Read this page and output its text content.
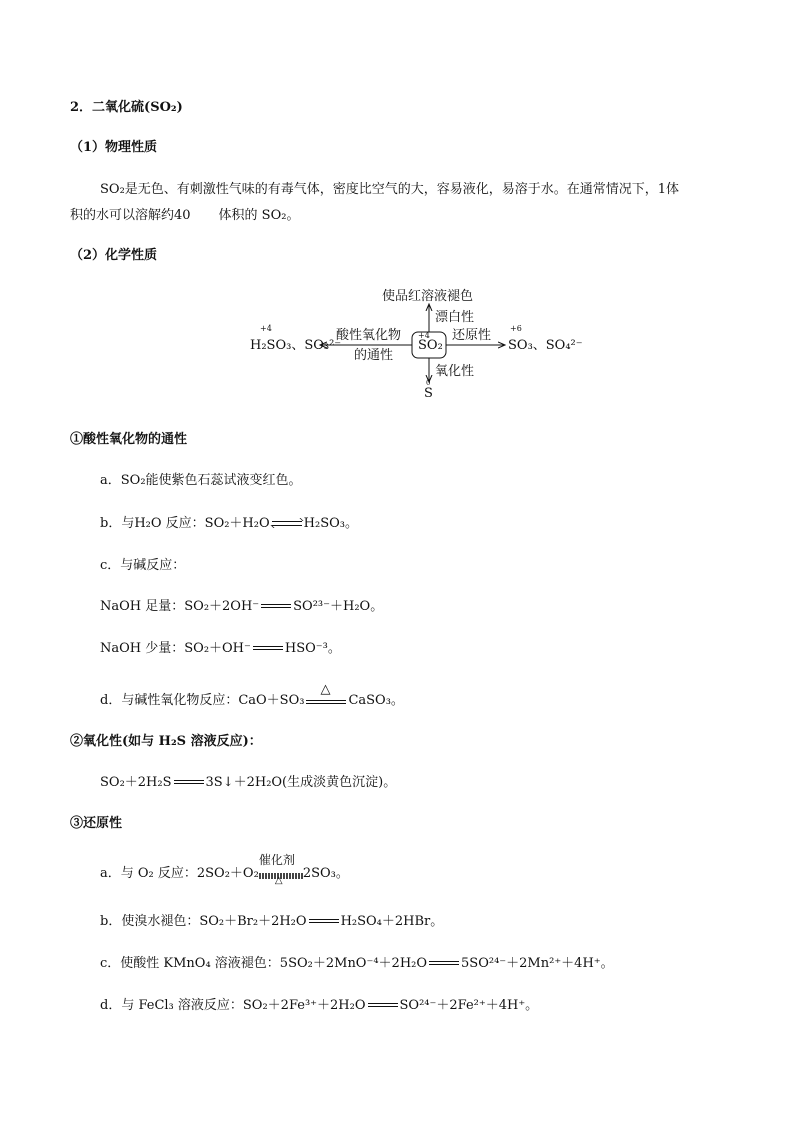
2．二氧化硫(SO₂)
（1）物理性质
SO₂是无色、有刺激性气味的有毒气体，密度比空气的大，容易液化，易溶于水。在通常情况下，1体
积的水可以溶解约40 体积的 SO₂。
（2）化学性质
使品红溶液褪色
漂白性
酸性氧化物
的通性
H₂SO₃、SO₃²⁻
+4
SO₂
+4 还原性
SO₃、SO₄²⁻
+6
氧化性
S
0
①酸性氧化物的通性
a．SO₂能使紫色石蕊试液变红色。
b．与H₂O 反应：SO₂＋H₂O	H₂SO₃。
c．与碱反应：
NaOH 足量：SO₂＋2OH⁻	SO²³⁻＋H₂O。
NaOH 少量：SO₂＋OH⁻	HSO⁻³。
d．与碱性氧化物反应：CaO＋SO₃
△
CaSO₃。
②氧化性(如与 H₂S 溶液反应)：
SO₂＋2H₂S	3S↓＋2H₂O(生成淡黄色沉淀)。
③还原性
a．与 O₂ 反应：2SO₂＋O₂
催化剂
△ 2SO₃。
b．使溴水褪色：SO₂＋Br₂＋2H₂O	H₂SO₄＋2HBr。
c．使酸性 KMnO₄ 溶液褪色：5SO₂＋2MnO⁻⁴＋2H₂O	5SO²⁴⁻＋2Mn²⁺＋4H⁺。
d．与 FeCl₃ 溶液反应：SO₂＋2Fe³⁺＋2H₂O	SO²⁴⁻＋2Fe²⁺＋4H⁺。
